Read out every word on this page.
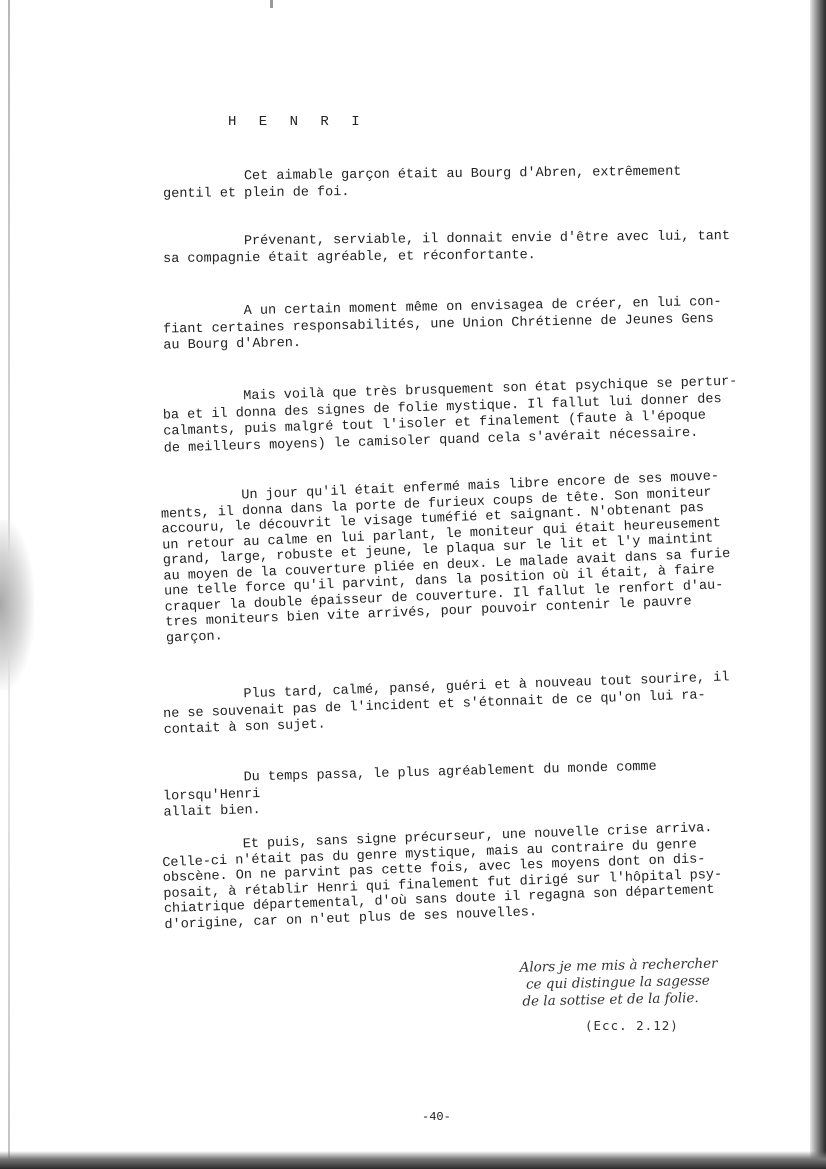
H E N R I

Cet aimable garçon était au Bourg d'Abren, extrêmement
gentil et plein de foi.

Prévenant, serviable, il donnait envie d'être avec lui, tant
sa compagnie était agréable, et réconfortante.

A un certain moment même on envisagea de créer, en lui con-
fiant certaines responsabilités, une Union Chrétienne de Jeunes Gens
au Bourg d'Abren.

Mais voilà que très brusquement son état psychique se pertur-
ba et il donna des signes de folie mystique. Il fallut lui donner des
calmants, puis malgré tout l'isoler et finalement (faute à l'époque
de meilleurs moyens) le camisoler quand cela s'avérait nécessaire.

Un jour qu'il était enfermé mais libre encore de ses mouve-
ments, il donna dans la porte de furieux coups de tête. Son moniteur
accouru, le découvrit le visage tuméfié et saignant. N'obtenant pas
un retour au calme en lui parlant, le moniteur qui était heureusement
grand, large, robuste et jeune, le plaqua sur le lit et l'y maintint
au moyen de la couverture pliée en deux. Le malade avait dans sa furie
une telle force qu'il parvint, dans la position où il était, à faire
craquer la double épaisseur de couverture. Il fallut le renfort d'au-
tres moniteurs bien vite arrivés, pour pouvoir contenir le pauvre
garçon.

Plus tard, calmé, pansé, guéri et à nouveau tout sourire, il
ne se souvenait pas de l'incident et s'étonnait de ce qu'on lui ra-
contait à son sujet.

Du temps passa, le plus agréablement du monde comme lorsqu'Henri
allait bien.

Et puis, sans signe précurseur, une nouvelle crise arriva.
Celle-ci n'était pas du genre mystique, mais au contraire du genre
obscène. On ne parvint pas cette fois, avec les moyens dont on dis-
posait, à rétablir Henri qui finalement fut dirigé sur l'hôpital psy-
chiatrique départemental, d'où sans doute il regagna son département
d'origine, car on n'eut plus de ses nouvelles.

Alors je me mis à rechercher
ce qui distingue la sagesse
de la sottise et de la folie.
(Ecc. 2.12)
-40-
